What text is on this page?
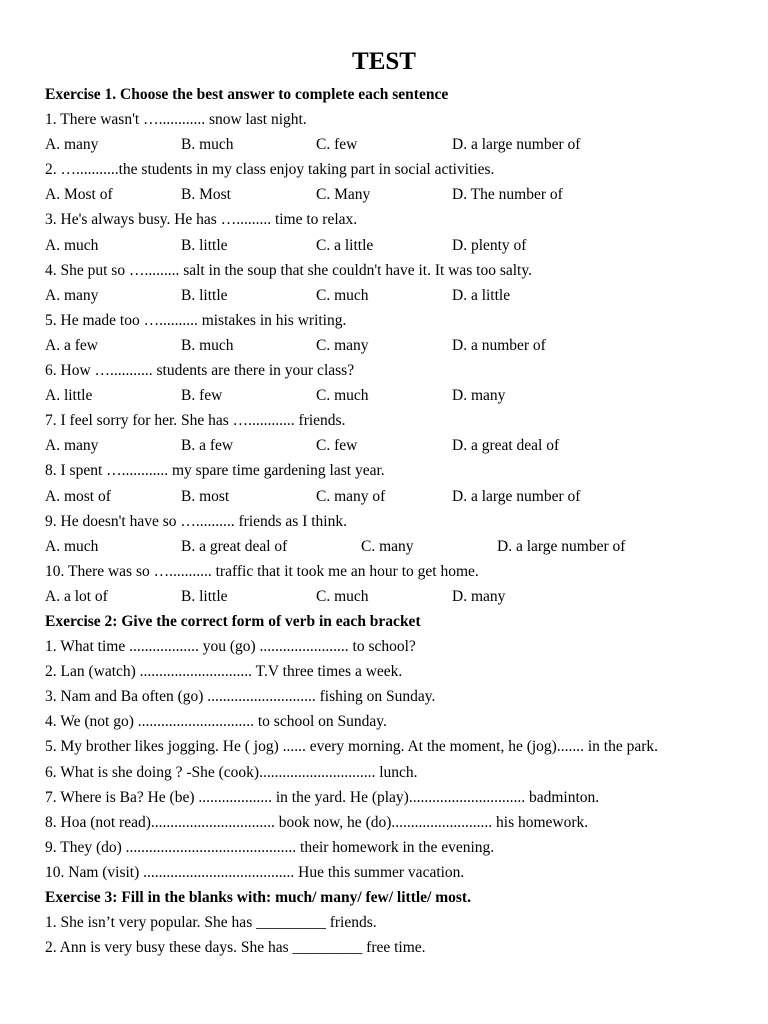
TEST
Exercise 1. Choose the best answer to complete each sentence
1. There wasn't …............ snow last night.
A. many	B. much	C. few	D. a large number of
2. …...........the students in my class enjoy taking part in social activities.
A. Most of	B. Most	C. Many	D. The number of
3. He's always busy. He has …......... time to relax.
A. much	B. little	C. a little	D. plenty of
4. She put so …......... salt in the soup that she couldn't have it. It was too salty.
A. many	B. little	C. much	D. a little
5. He made too ….......... mistakes in his writing.
A. a few	B. much	C. many	D. a number of
6. How …........... students are there in your class?
A. little	B. few	C. much	D. many
7. I feel sorry for her. She has …............ friends.
A. many	B. a few	C. few	D. a great deal of
8. I spent …............ my spare time gardening last year.
A. most of	B. most	C. many of	D. a large number of
9. He doesn't have so ….......... friends as I think.
A. much	B. a great deal of	C. many	D. a large number of
10. There was so …........... traffic that it took me an hour to get home.
A. a lot of	B. little	C. much	D. many
Exercise 2: Give the correct form of verb in each bracket
1. What time .................. you (go) ....................... to school?
2. Lan (watch) ............................. T.V three times a week.
3. Nam and Ba often (go) ............................ fishing on Sunday.
4. We (not go) .............................. to school on Sunday.
5. My brother likes jogging. He ( jog) ...... every morning. At the moment, he (jog)....... in the park.
6. What is she doing ? -She (cook).............................. lunch.
7. Where is Ba? He (be) ................... in the yard. He (play).............................. badminton.
8. Hoa (not read)................................ book now, he (do).......................... his homework.
9. They (do) ............................................ their homework in the evening.
10. Nam (visit) ....................................... Hue this summer vacation.
Exercise 3: Fill in the blanks with: much/ many/ few/ little/ most.
1. She isn’t very popular. She has _________ friends.
2. Ann is very busy these days. She has _________ free time.
